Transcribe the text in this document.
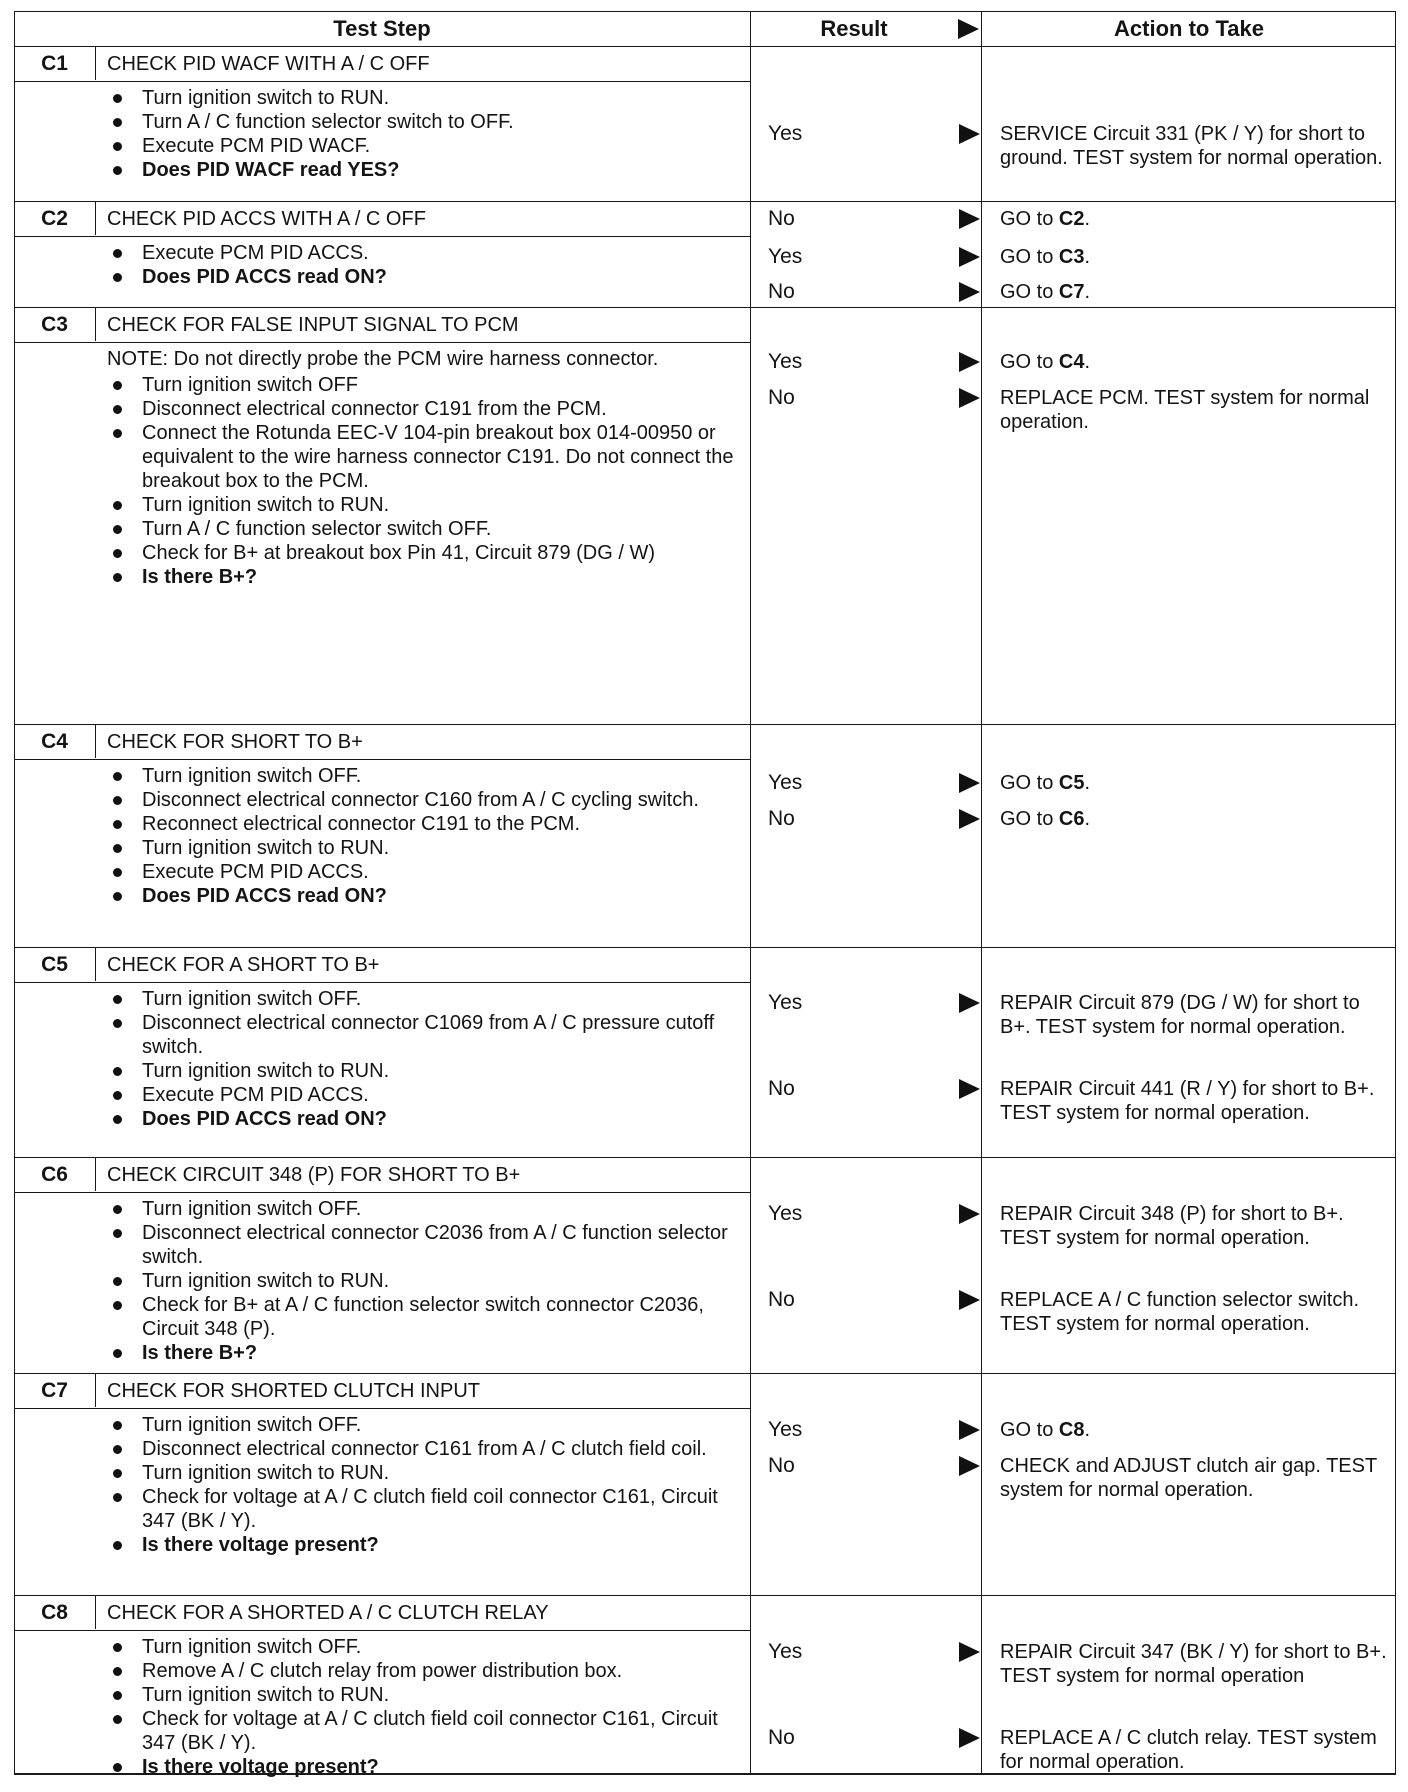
Test Step	Result	Action to Take
C1	CHECK PID WACF WITH A / C OFF
Turn ignition switch to RUN.
Turn A / C function selector switch to OFF.
Execute PCM PID WACF.
Does PID WACF read YES?
Yes	SERVICE Circuit 331 (PK / Y) for short to ground. TEST system for normal operation.
No	GO to C2.
C2	CHECK PID ACCS WITH A / C OFF
Execute PCM PID ACCS.
Does PID ACCS read ON?
Yes	GO to C3.
No	GO to C7.
C3	CHECK FOR FALSE INPUT SIGNAL TO PCM

NOTE: Do not directly probe the PCM wire harness connector.

Turn ignition switch OFF
Disconnect electrical connector C191 from the PCM.
Connect the Rotunda EEC-V 104-pin breakout box 014-00950 or equivalent to the wire harness connector C191. Do not connect the breakout box to the PCM.
Turn ignition switch to RUN.
Turn A / C function selector switch OFF.
Check for B+ at breakout box Pin 41, Circuit 879 (DG / W)
Is there B+?
Yes	GO to C4.
No	REPLACE PCM. TEST system for normal operation.
C4	CHECK FOR SHORT TO B+
Turn ignition switch OFF.
Disconnect electrical connector C160 from A / C cycling switch.
Reconnect electrical connector C191 to the PCM.
Turn ignition switch to RUN.
Execute PCM PID ACCS.
Does PID ACCS read ON?
Yes	GO to C5.
No	GO to C6.
C5	CHECK FOR A SHORT TO B+
Turn ignition switch OFF.
Disconnect electrical connector C1069 from A / C pressure cutoff switch.
Turn ignition switch to RUN.
Execute PCM PID ACCS.
Does PID ACCS read ON?
Yes	REPAIR Circuit 879 (DG / W) for short to B+. TEST system for normal operation.
No	REPAIR Circuit 441 (R / Y) for short to B+. TEST system for normal operation.
C6	CHECK CIRCUIT 348 (P) FOR SHORT TO B+
Turn ignition switch OFF.
Disconnect electrical connector C2036 from A / C function selector switch.
Turn ignition switch to RUN.
Check for B+ at A / C function selector switch connector C2036, Circuit 348 (P).
Is there B+?
Yes	REPAIR Circuit 348 (P) for short to B+. TEST system for normal operation.
No	REPLACE A / C function selector switch. TEST system for normal operation.
C7	CHECK FOR SHORTED CLUTCH INPUT
Turn ignition switch OFF.
Disconnect electrical connector C161 from A / C clutch field coil.
Turn ignition switch to RUN.
Check for voltage at A / C clutch field coil connector C161, Circuit 347 (BK / Y).
Is there voltage present?
Yes	GO to C8.
No	CHECK and ADJUST clutch air gap. TEST system for normal operation.
C8	CHECK FOR A SHORTED A / C CLUTCH RELAY
Turn ignition switch OFF.
Remove A / C clutch relay from power distribution box.
Turn ignition switch to RUN.
Check for voltage at A / C clutch field coil connector C161, Circuit 347 (BK / Y).
Is there voltage present?
Yes	REPAIR Circuit 347 (BK / Y) for short to B+. TEST system for normal operation
No	REPLACE A / C clutch relay. TEST system for normal operation.
